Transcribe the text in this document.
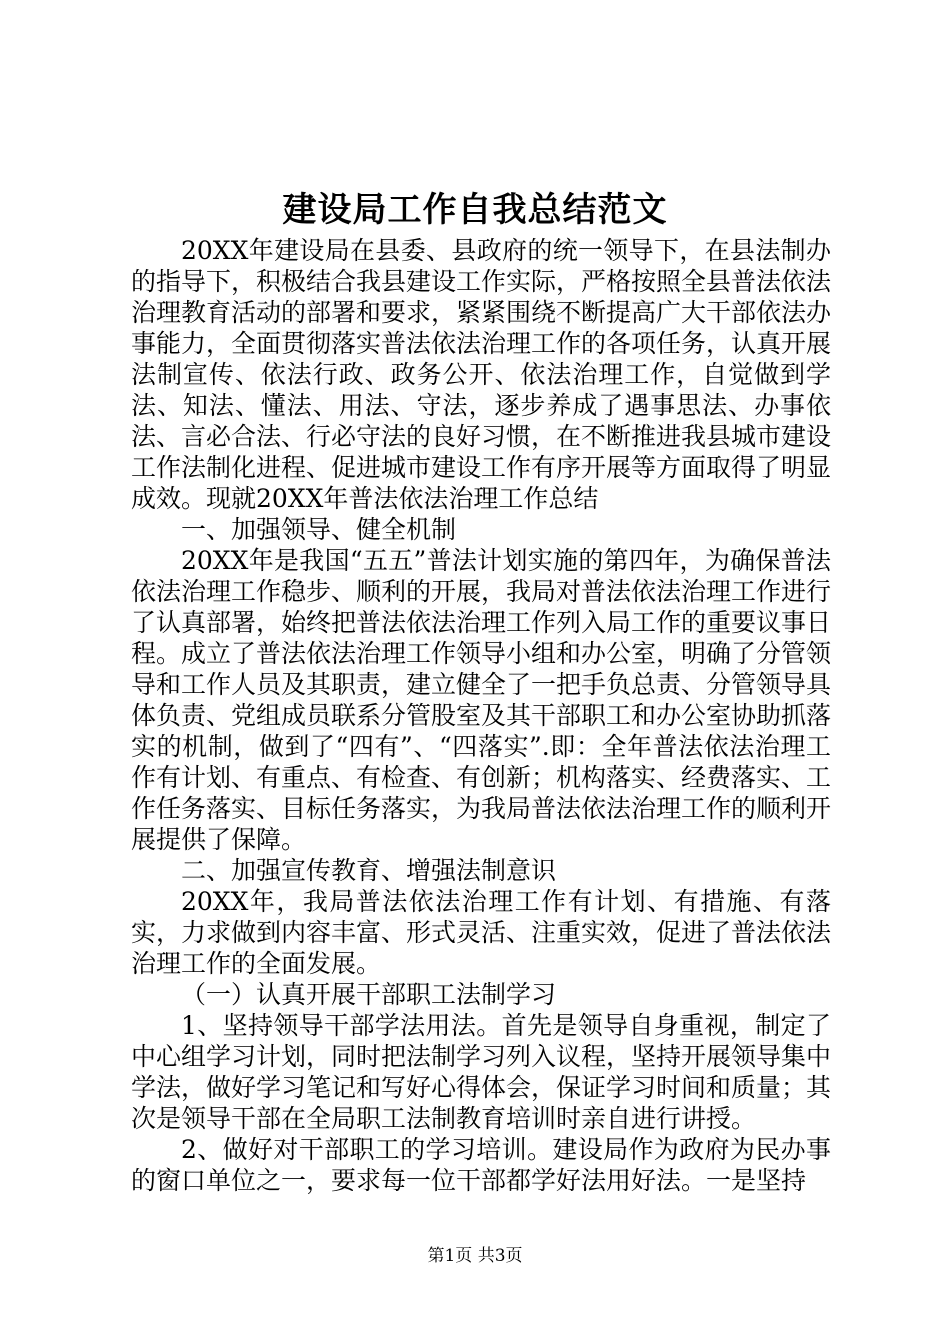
建设局工作自我总结范文

20XX年建设局在县委、县政府的统一领导下，在县法制办的指导下，积极结合我县建设工作实际，严格按照全县普法依法治理教育活动的部署和要求，紧紧围绕不断提高广大干部依法办事能力，全面贯彻落实普法依法治理工作的各项任务，认真开展法制宣传、依法行政、政务公开、依法治理工作，自觉做到学法、知法、懂法、用法、守法，逐步养成了遇事思法、办事依法、言必合法、行必守法的良好习惯，在不断推进我县城市建设工作法制化进程、促进城市建设工作有序开展等方面取得了明显成效。现就20XX年普法依法治理工作总结

一、加强领导、健全机制

20XX年是我国“五五”普法计划实施的第四年，为确保普法依法治理工作稳步、顺利的开展，我局对普法依法治理工作进行了认真部署，始终把普法依法治理工作列入局工作的重要议事日程。成立了普法依法治理工作领导小组和办公室，明确了分管领导和工作人员及其职责，建立健全了一把手负总责、分管领导具体负责、党组成员联系分管股室及其干部职工和办公室协助抓落实的机制，做到了“四有”、“四落实”.即：全年普法依法治理工作有计划、有重点、有检查、有创新；机构落实、经费落实、工作任务落实、目标任务落实，为我局普法依法治理工作的顺利开展提供了保障。

二、加强宣传教育、增强法制意识

20XX年，我局普法依法治理工作有计划、有措施、有落实，力求做到内容丰富、形式灵活、注重实效，促进了普法依法治理工作的全面发展。

（一）认真开展干部职工法制学习

1、坚持领导干部学法用法。首先是领导自身重视，制定了中心组学习计划，同时把法制学习列入议程，坚持开展领导集中学法，做好学习笔记和写好心得体会，保证学习时间和质量；其次是领导干部在全局职工法制教育培训时亲自进行讲授。

2、做好对干部职工的学习培训。建设局作为政府为民办事的窗口单位之一，要求每一位干部都学好法用好法。一是坚持

第1页 共3页
